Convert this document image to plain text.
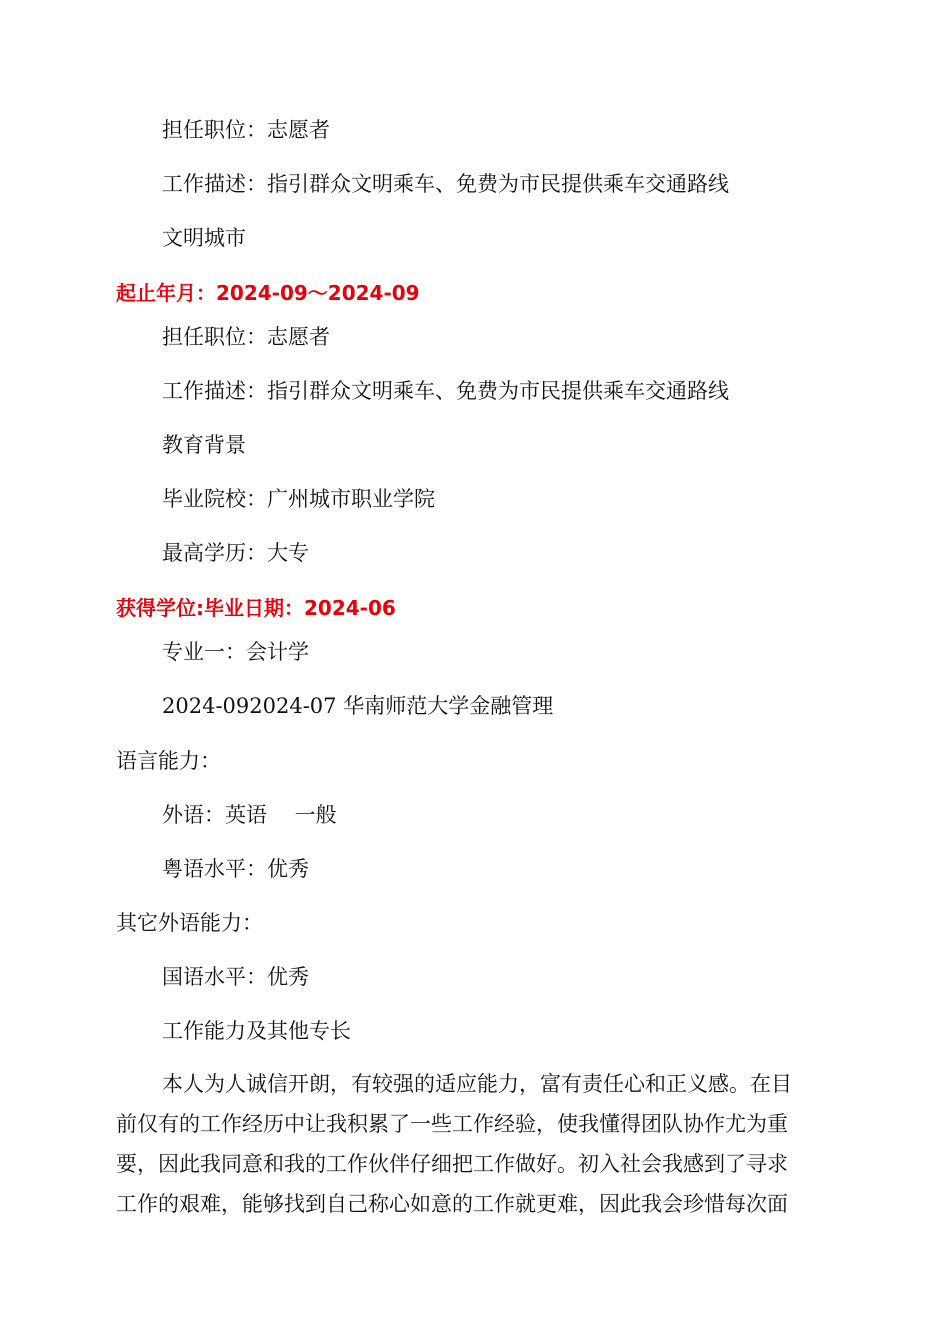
担任职位：志愿者
工作描述：指引群众文明乘车、免费为市民提供乘车交通路线
文明城市
起止年月：2024-09～2024-09
担任职位：志愿者
工作描述：指引群众文明乘车、免费为市民提供乘车交通路线
教育背景
毕业院校：广州城市职业学院
最高学历：大专
获得学位:毕业日期：2024-06
专业一：会计学
2024-092024-07 华南师范大学金融管理
语言能力：
外语：英语　 一般
粤语水平：优秀
其它外语能力：
国语水平：优秀
工作能力及其他专长
本人为人诚信开朗，有较强的适应能力，富有责任心和正义感。在目
前仅有的工作经历中让我积累了一些工作经验，使我懂得团队协作尤为重
要，因此我同意和我的工作伙伴仔细把工作做好。初入社会我感到了寻求
工作的艰难，能够找到自己称心如意的工作就更难，因此我会珍惜每次面
